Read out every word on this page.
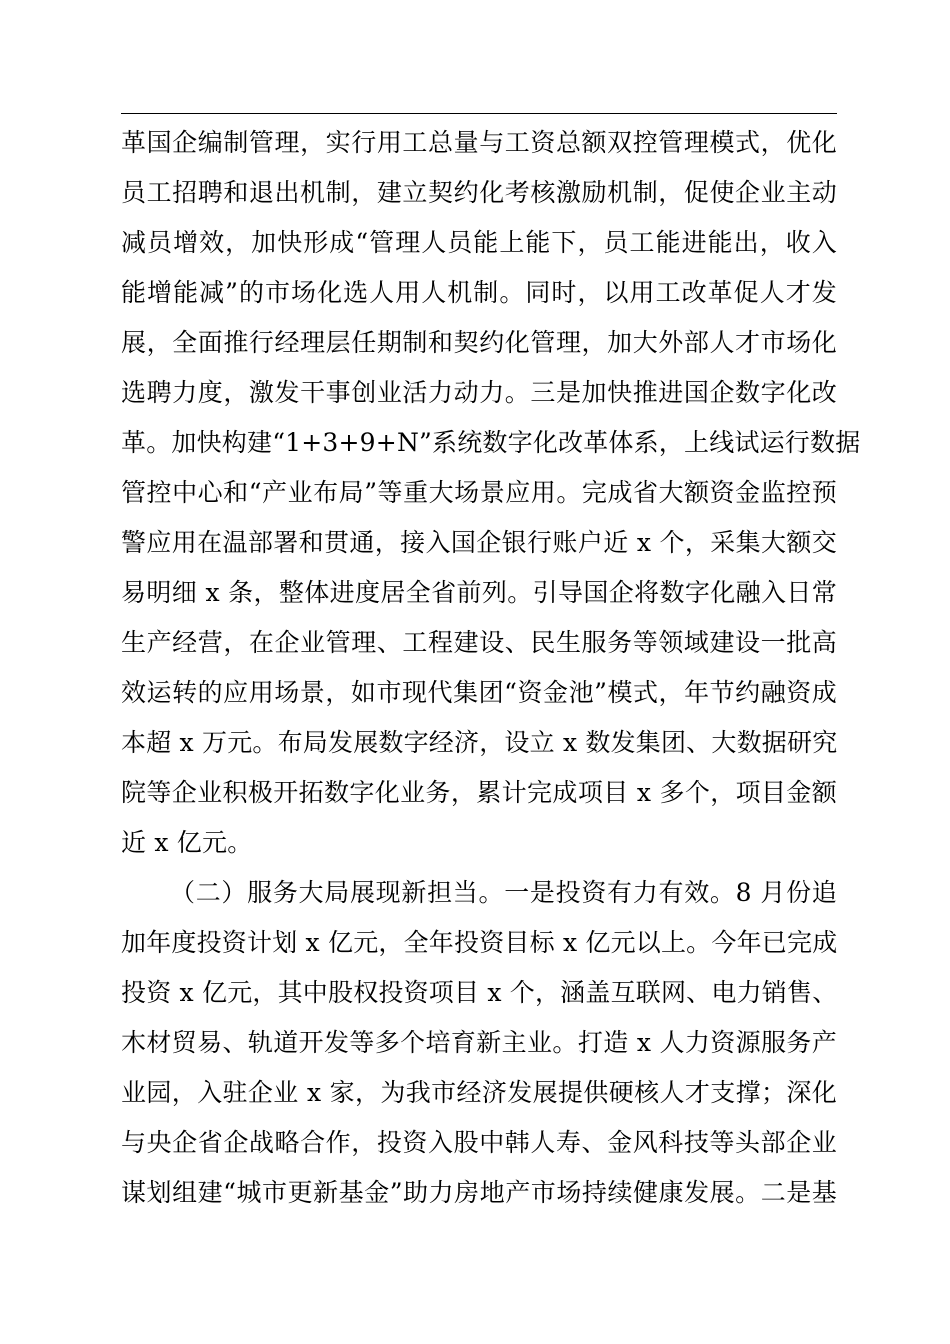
革国企编制管理，实行用工总量与工资总额双控管理模式，优化
员工招聘和退出机制，建立契约化考核激励机制，促使企业主动
减员增效，加快形成“管理人员能上能下，员工能进能出，收入
能增能减”的市场化选人用人机制。同时，以用工改革促人才发
展，全面推行经理层任期制和契约化管理，加大外部人才市场化
选聘力度，激发干事创业活力动力。三是加快推进国企数字化改
革。加快构建“1+3+9+N”系统数字化改革体系，上线试运行数据
管控中心和“产业布局”等重大场景应用。完成省大额资金监控预
警应用在温部署和贯通，接入国企银行账户近 x 个，采集大额交
易明细 x 条，整体进度居全省前列。引导国企将数字化融入日常
生产经营，在企业管理、工程建设、民生服务等领域建设一批高
效运转的应用场景，如市现代集团“资金池”模式，年节约融资成
本超 x 万元。布局发展数字经济，设立 x 数发集团、大数据研究
院等企业积极开拓数字化业务，累计完成项目 x 多个，项目金额
近 x 亿元。
（二）服务大局展现新担当。一是投资有力有效。8 月份追
加年度投资计划 x 亿元，全年投资目标 x 亿元以上。今年已完成
投资 x 亿元，其中股权投资项目 x 个，涵盖互联网、电力销售、
木材贸易、轨道开发等多个培育新主业。打造 x 人力资源服务产
业园，入驻企业 x 家，为我市经济发展提供硬核人才支撑；深化
与央企省企战略合作，投资入股中韩人寿、金风科技等头部企业
谋划组建“城市更新基金”助力房地产市场持续健康发展。二是基
